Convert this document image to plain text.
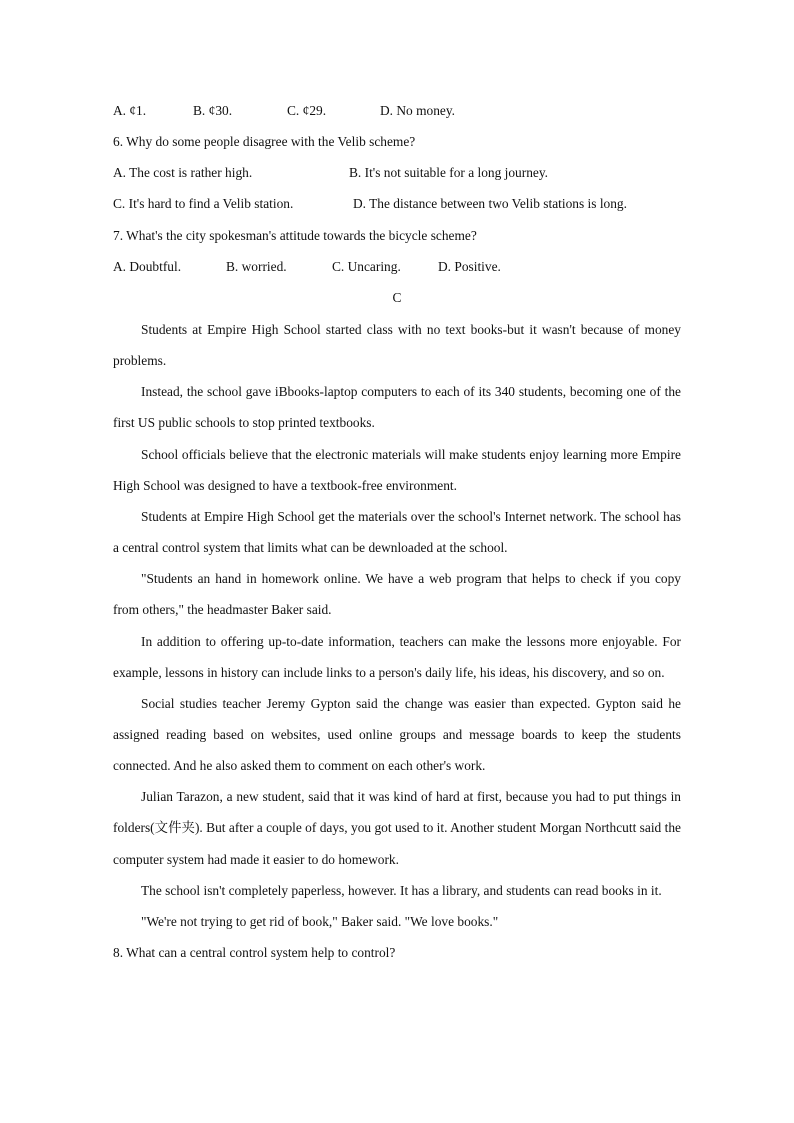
A. ¢1.	B. ¢30.	C. ¢29.	D. No money.
6. Why do some people disagree with the Velib scheme?
A. The cost is rather high.	B. It's not suitable for a long journey.
C. It's hard to find a Velib station.	D. The distance between two Velib stations is long.
7. What's the city spokesman's attitude towards the bicycle scheme?
A. Doubtful.	B. worried.	C. Uncaring.	D. Positive.
C
Students at Empire High School started class with no text books-but it wasn't because of money problems.
Instead, the school gave iBbooks-laptop computers to each of its 340 students, becoming one of the first US public schools to stop printed textbooks.
School officials believe that the electronic materials will make students enjoy learning more Empire High School was designed to have a textbook-free environment.
Students at Empire High School get the materials over the school's Internet network. The school has a central control system that limits what can be dewnloaded at the school.
"Students an hand in homework online. We have a web program that helps to check if you copy from others," the headmaster Baker said.
In addition to offering up-to-date information, teachers can make the lessons more enjoyable. For example, lessons in history can include links to a person's daily life, his ideas, his discovery, and so on.
Social studies teacher Jeremy Gypton said the change was easier than expected. Gypton said he assigned reading based on websites, used online groups and message boards to keep the students connected. And he also asked them to comment on each other's work.
Julian Tarazon, a new student, said that it was kind of hard at first, because you had to put things in folders(文件夹). But after a couple of days, you got used to it. Another student Morgan Northcutt said the computer system had made it easier to do homework.
The school isn't completely paperless, however. It has a library, and students can read books in it.
"We're not trying to get rid of book," Baker said. "We love books."
8. What can a central control system help to control?
